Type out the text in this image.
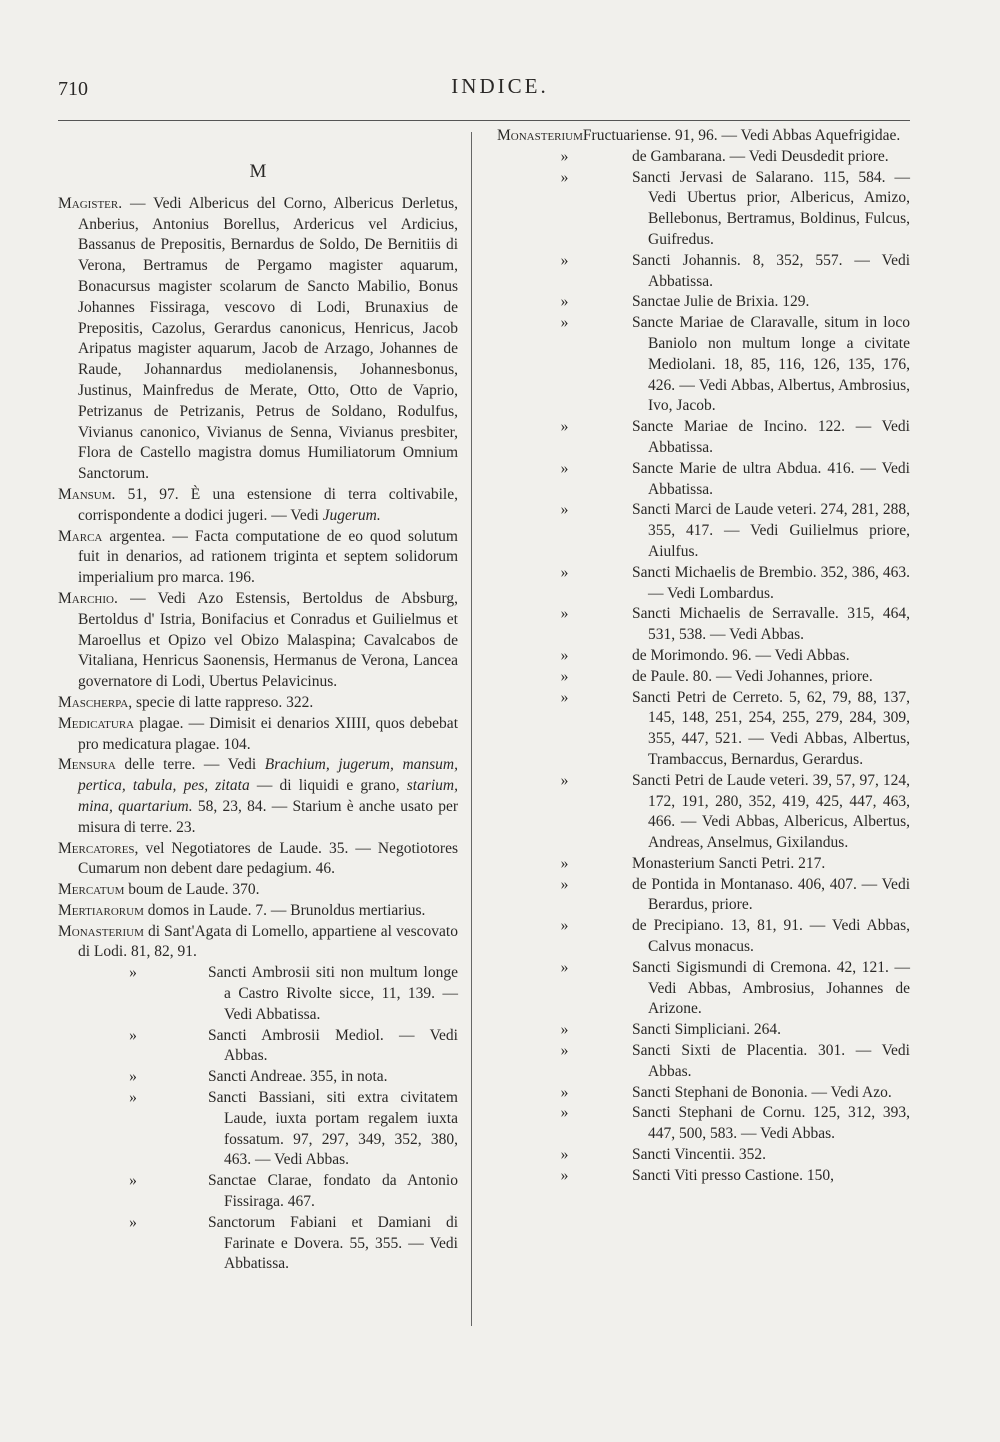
710	INDICE.
M
Magister. — Vedi Albericus del Corno, Albericus Derletus, Anberius, Antonius Borellus, Ardericus vel Ardicius, Bassanus de Prepositis, Bernardus de Soldo, De Bernitiis di Verona, Bertramus de Pergamo magister aquarum, Bonacursus magister scolarum de Sancto Mabilio, Bonus Johannes Fissiraga, vescovo di Lodi, Brunaxius de Prepositis, Cazolus, Gerardus canonicus, Henricus, Jacob Aripatus magister aquarum, Jacob de Arzago, Johannes de Raude, Johannardus mediolanensis, Johannesbonus, Justinus, Mainfredus de Merate, Otto, Otto de Vaprio, Petrizanus de Petrizanis, Petrus de Soldano, Rodulfus, Vivianus canonico, Vivianus de Senna, Vivianus presbiter, Flora de Castello magistra domus Humiliatorum Omnium Sanctorum.
Mansum. 51, 97. È una estensione di terra coltivabile, corrispondente a dodici jugeri. — Vedi Jugerum.
Marca argentea. — Facta computatione de eo quod solutum fuit in denarios, ad rationem triginta et septem solidorum imperialium pro marca. 196.
Marchio. — Vedi Azo Estensis, Bertoldus de Absburg, Bertoldus d' Istria, Bonifacius et Conradus et Guilielmus et Maroellus et Opizo vel Obizo Malaspina; Cavalcabos de Vitaliana, Henricus Saonensis, Hermanus de Verona, Lancea governatore di Lodi, Ubertus Pelavicinus.
Mascherpa, specie di latte rappreso. 322.
Medicatura plagae. — Dimisit ei denarios XIIII, quos debebat pro medicatura plagae. 104.
Mensura delle terre. — Vedi Brachium, jugerum, mansum, pertica, tabula, pes, zitata — di liquidi e grano, starium, mina, quartarium. 58, 23, 84. — Starium è anche usato per misura di terre. 23.
Mercatores, vel Negotiatores de Laude. 35. — Negotiotores Cumarum non debent dare pedagium. 46.
Mercatum boum de Laude. 370.
Mertiarorum domos in Laude. 7. — Brunoldus mertiarius.
Monasterium di Sant'Agata di Lomello, appartiene al vescovato di Lodi. 81, 82, 91.
»	Sancti Ambrosii siti non multum longe a Castro Rivolte sicce, 11, 139. — Vedi Abbatissa.
»	Sancti Ambrosii Mediol. — Vedi Abbas.
»	Sancti Andreae. 355, in nota.
»	Sancti Bassiani, siti extra civitatem Laude, iuxta portam regalem iuxta fossatum. 97, 297, 349, 352, 380, 463. — Vedi Abbas.
»	Sanctae Clarae, fondato da Antonio Fissiraga. 467.
»	Sanctorum Fabiani et Damiani di Farinate e Dovera. 55, 355. — Vedi Abbatissa.
Monasterium Fructuariense. 91, 96. — Vedi Abbas Aquefrigidae.
»	de Gambarana. — Vedi Deusdedit priore.
»	Sancti Jervasi de Salarano. 115, 584. — Vedi Ubertus prior, Albericus, Amizo, Bellebonus, Bertramus, Boldinus, Fulcus, Guifredus.
»	Sancti Johannis. 8, 352, 557. — Vedi Abbatissa.
»	Sanctae Julie de Brixia. 129.
»	Sancte Mariae de Claravalle, situm in loco Baniolo non multum longe a civitate Mediolani. 18, 85, 116, 126, 135, 176, 426. — Vedi Abbas, Albertus, Ambrosius, Ivo, Jacob.
»	Sancte Mariae de Incino. 122. — Vedi Abbatissa.
»	Sancte Marie de ultra Abdua. 416. — Vedi Abbatissa.
»	Sancti Marci de Laude veteri. 274, 281, 288, 355, 417. — Vedi Guilielmus priore, Aiulfus.
»	Sancti Michaelis de Brembio. 352, 386, 463. — Vedi Lombardus.
»	Sancti Michaelis de Serravalle. 315, 464, 531, 538. — Vedi Abbas.
»	de Morimondo. 96. — Vedi Abbas.
»	de Paule. 80. — Vedi Johannes, priore.
»	Sancti Petri de Cerreto. 5, 62, 79, 88, 137, 145, 148, 251, 254, 255, 279, 284, 309, 355, 447, 521. — Vedi Abbas, Albertus, Trambaccus, Bernardus, Gerardus.
»	Sancti Petri de Laude veteri. 39, 57, 97, 124, 172, 191, 280, 352, 419, 425, 447, 463, 466. — Vedi Abbas, Albericus, Albertus, Andreas, Anselmus, Gixilandus.
»	Monasterium Sancti Petri. 217.
»	de Pontida in Montanaso. 406, 407. — Vedi Berardus, priore.
»	de Precipiano. 13, 81, 91. — Vedi Abbas, Calvus monacus.
»	Sancti Sigismundi di Cremona. 42, 121. — Vedi Abbas, Ambrosius, Johannes de Arizone.
»	Sancti Simpliciani. 264.
»	Sancti Sixti de Placentia. 301. — Vedi Abbas.
»	Sancti Stephani de Bononia. — Vedi Azo.
»	Sancti Stephani de Cornu. 125, 312, 393, 447, 500, 583. — Vedi Abbas.
»	Sancti Vincentii. 352.
»	Sancti Viti presso Castione. 150,
